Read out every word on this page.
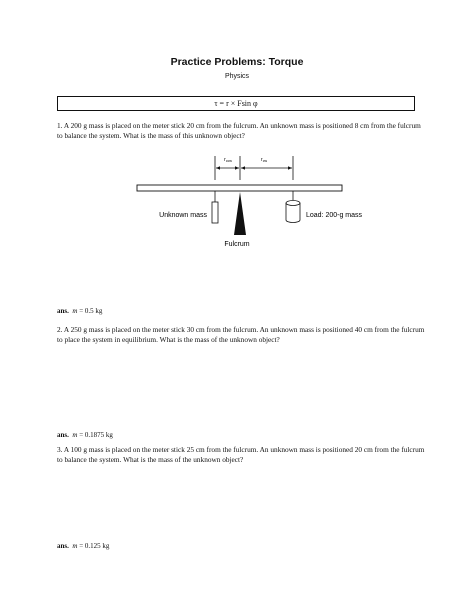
Practice Problems: Torque
Physics
τ = r × Fsin φ
1. A 200 g mass is placed on the meter stick 20 cm from the fulcrum. An unknown mass is positioned 8 cm from the fulcrum to balance the system. What is the mass of this unknown object?
$r_{ccw}$	$r_{cw}$
Unknown mass
Fulcrum
Load: 200-g mass
ans. m = 0.5 kg
2. A 250 g mass is placed on the meter stick 30 cm from the fulcrum. An unknown mass is positioned 40 cm from the fulcrum to place the system in equilibrium. What is the mass of the unknown object?
ans. m = 0.1875 kg
3. A 100 g mass is placed on the meter stick 25 cm from the fulcrum. An unknown mass is positioned 20 cm from the fulcrum to balance the system. What is the mass of the unknown object?
ans. m = 0.125 kg
